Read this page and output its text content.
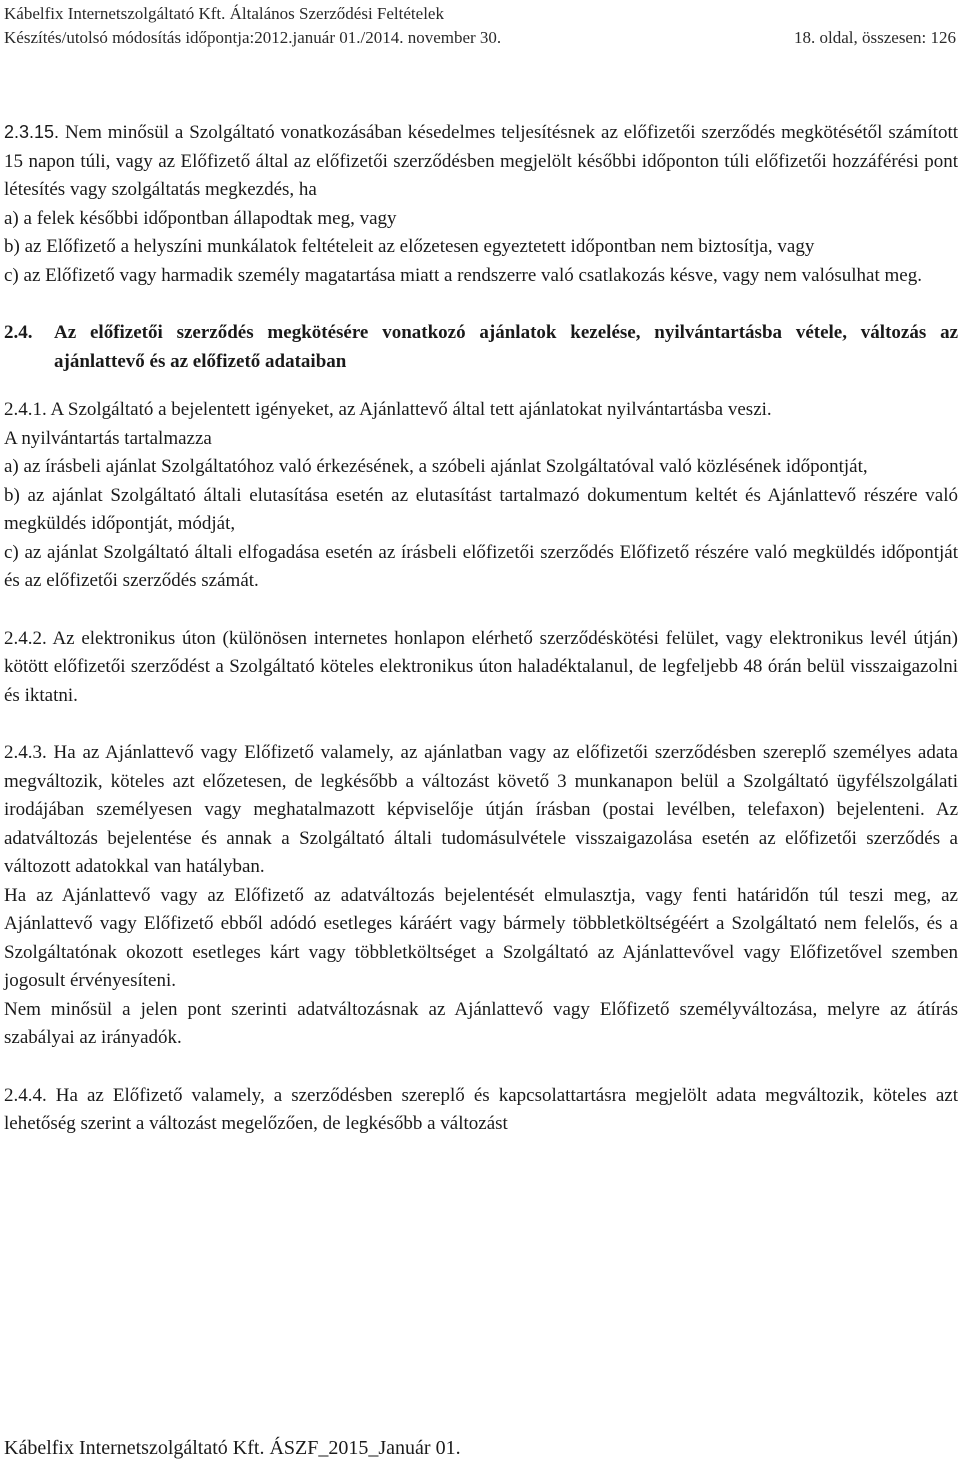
Kábelfix Internetszolgáltató Kft. Általános Szerződési Feltételek
Készítés/utolsó módosítás időpontja:2012.január 01./2014. november 30.	18. oldal, összesen: 126

2.3.15. Nem minősül a Szolgáltató vonatkozásában késedelmes teljesítésnek az előfizetői szerződés megkötésétől számított 15 napon túli, vagy az Előfizető által az előfizetői szerződésben megjelölt későbbi időponton túli előfizetői hozzáférési pont létesítés vagy szolgáltatás megkezdés, ha

a) a felek későbbi időpontban állapodtak meg, vagy

b) az Előfizető a helyszíni munkálatok feltételeit az előzetesen egyeztetett időpontban nem biztosítja, vagy

c) az Előfizető vagy harmadik személy magatartása miatt a rendszerre való csatlakozás késve, vagy nem valósulhat meg.

2.4.	Az előfizetői szerződés megkötésére vonatkozó ajánlatok kezelése, nyilvántartásba vétele, változás az ajánlattevő és az előfizető adataiban

2.4.1. A Szolgáltató a bejelentett igényeket, az Ajánlattevő által tett ajánlatokat nyilvántartásba veszi.

A nyilvántartás tartalmazza

a) az írásbeli ajánlat Szolgáltatóhoz való érkezésének, a szóbeli ajánlat Szolgáltatóval való közlésének időpontját,

b) az ajánlat Szolgáltató általi elutasítása esetén az elutasítást tartalmazó dokumentum keltét és Ajánlattevő részére való megküldés időpontját, módját,

c) az ajánlat Szolgáltató általi elfogadása esetén az írásbeli előfizetői szerződés Előfizető részére való megküldés időpontját és az előfizetői szerződés számát.

2.4.2. Az elektronikus úton (különösen internetes honlapon elérhető szerződéskötési felület, vagy elektronikus levél útján) kötött előfizetői szerződést a Szolgáltató köteles elektronikus úton haladéktalanul, de legfeljebb 48 órán belül visszaigazolni és iktatni.

2.4.3. Ha az Ajánlattevő vagy Előfizető valamely, az ajánlatban vagy az előfizetői szerződésben szereplő személyes adata megváltozik, köteles azt előzetesen, de legkésőbb a változást követő 3 munkanapon belül a Szolgáltató ügyfélszolgálati irodájában személyesen vagy meghatalmazott képviselője útján írásban (postai levélben, telefaxon) bejelenteni. Az adatváltozás bejelentése és annak a Szolgáltató általi tudomásulvétele visszaigazolása esetén az előfizetői szerződés a változott adatokkal van hatályban.

Ha az Ajánlattevő vagy az Előfizető az adatváltozás bejelentését elmulasztja, vagy fenti határidőn túl teszi meg, az Ajánlattevő vagy Előfizető ebből adódó esetleges káráért vagy bármely többletköltségéért a Szolgáltató nem felelős, és a Szolgáltatónak okozott esetleges kárt vagy többletköltséget a Szolgáltató az Ajánlattevővel vagy Előfizetővel szemben jogosult érvényesíteni.

Nem minősül a jelen pont szerinti adatváltozásnak az Ajánlattevő vagy Előfizető személyváltozása, melyre az átírás szabályai az irányadók.

2.4.4. Ha az Előfizető valamely, a szerződésben szereplő és kapcsolattartásra megjelölt adata megváltozik, köteles azt lehetőség szerint a változást megelőzően, de legkésőbb a változást

Kábelfix Internetszolgáltató Kft. ÁSZF_2015_Január 01.
